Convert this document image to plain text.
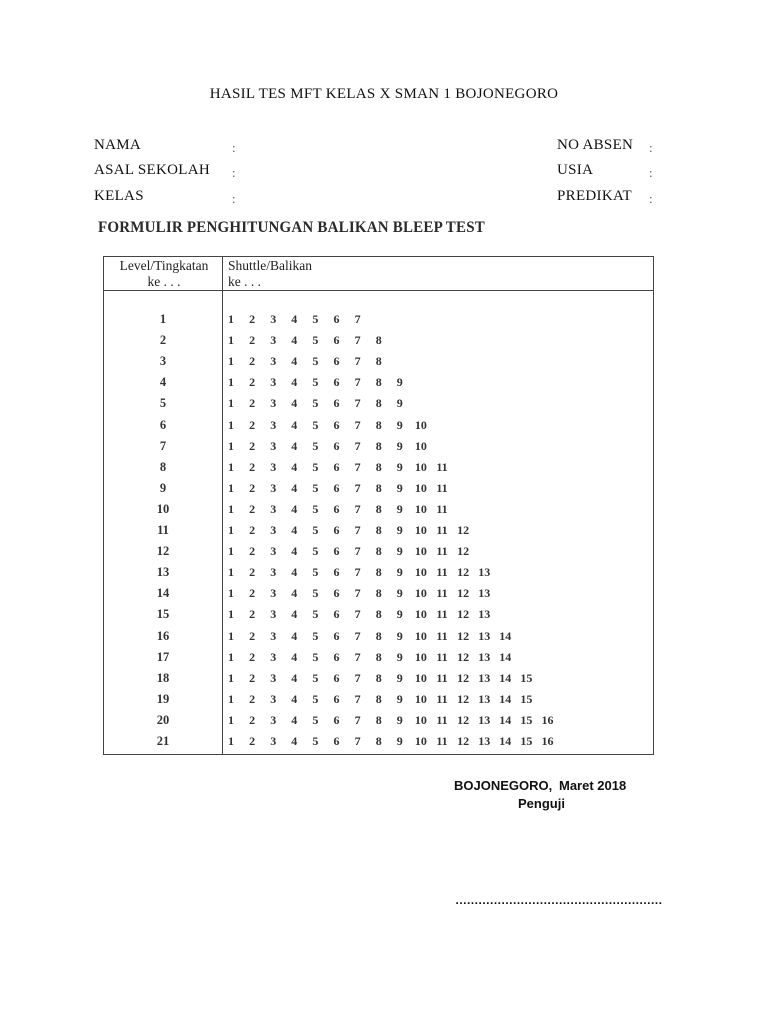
HASIL TES MFT KELAS X SMAN 1 BOJONEGORO
NAMA	:
ASAL SEKOLAH :
KELAS	:
NO ABSEN :
USIA	:
PREDIKAT :
FORMULIR PENGHITUNGAN BALIKAN BLEEP TEST
Level/Tingkatan
ke . . .
Shuttle/Balikan
ke . . .
1	1	2	3	4	5	6	7
2	1	2	3	4	5	6	7	8
3	1	2	3	4	5	6	7	8
4	1	2	3	4	5	6	7	8	9
5	1	2	3	4	5	6	7	8	9
6	1	2	3	4	5	6	7	8	9	10
7	1	2	3	4	5	6	7	8	9	10
8	1	2	3	4	5	6	7	8	9	10 11
9	1	2	3	4	5	6	7	8	9	10 11
10	1	2	3	4	5	6	7	8	9	10 11
11	1	2	3	4	5	6	7	8	9	10 11 12
12	1	2	3	4	5	6	7	8	9	10 11 12
13	1	2	3	4	5	6	7	8	9	10 11 12 13
14	1	2	3	4	5	6	7	8	9	10 11 12 13
15	1	2	3	4	5	6	7	8	9	10 11 12 13
16	1	2	3	4	5	6	7	8	9	10 11 12 13 14
17	1	2	3	4	5	6	7	8	9	10 11 12 13 14
18	1	2	3	4	5	6	7	8	9	10 11 12 13 14 15
19	1	2	3	4	5	6	7	8	9	10 11 12 13 14 15
20	1	2	3	4	5	6	7	8	9	10 11 12 13 14 15 16
21	1	2	3	4	5	6	7	8	9	10 11 12 13 14 15 16
BOJONEGORO, Maret 2018
Penguji
………………………………………………
